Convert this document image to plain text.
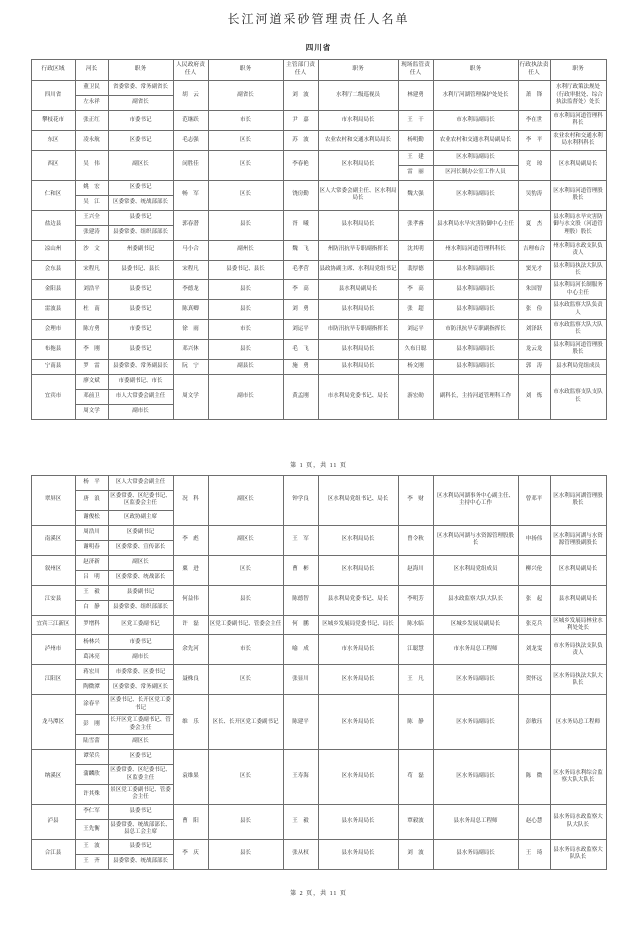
长江河道采砂管理责任人名单
四川省
行政区域	河长	职务	人民政府责任人	职务	主管部门责任人	职务	现场监管责任人	职务	行政执法责任人	职务
四川省	董卫民	省委常委、常务副省长	胡　云	副省长	刘　波	水利厅二级巡视员	林建勇	水利厅河湖管理保护处处长	萧　锋	水利厅政策法规处（行政审批处、综合执法监督处）处长
	左永祥	副省长								
攀枝花市	张正红	市委书记	范继跃	市长	尹　嘉	市水利局局长	王　干	市水利局副局长	李在世	市水利局河道管理科科长
东区	凌永航	区委书记	毛志强	区长	苏　波	农业农村和交通水利局局长	杨明勤	农业农村和交通水利局副局长	李　平	农业农村和交通水利局水利科科长
西区	吴　伟	副区长	闵胜佳	区长	李春艳	区水利局局长	王　建	区水利局副局长	竞　琼	区水利局副局长
							雷　丽	区河长制办公室工作人员		
仁和区	姚　宏	区委书记	畅　军	区长	饶房勤	区人大常委会副主任、区水利局局长	魏大强	区水利局副局长	吴豹涛	区水利局河道管理股股长
	吴　江	区委常委、统战部部长								
盐边县	王兴全	县委书记	郭春潜	县长	胥　曦	县水利局局长	张孝睿	县水利局水旱灾害防御中心主任	夏　杰	县水利局水旱灾害防御与水文股（河道管理股）股长
	张建涛	县委常委、组织部部长								
凉山州	沙　文	州委副书记	马小合	副州长	魏　飞	州防汛抗旱专职副指挥长	沈其明	州水利局河道管理科科长	吉理布合	州水利局水政支队负责人
会东县	宋程凡	县委书记、县长	宋程凡	县委书记、县长	毛孝营	县政协副主席、水利局党组书记	裴厚德	县水利局副局长	窦光才	县水利局执法大队队长
金阳县	刘浩平	县委书记	李德龙	县长	李　高	县水利局副局长	李　高	县水利局副局长	朱国智	县水利局河长制服务中心主任
雷波县	杜　南	县委书记	陈真卿	县长	刘　勇	县水利局局长	张　超	县水利局副局长	张　俭	县水政监察大队负责人
会理市	陈方勇	市委书记	徐　雨	市长	刘运平	市防汛抗旱专职副指挥长	刘运平	市防汛抗旱专职副指挥长	刘泽跃	市水政监察大队大队长
布拖县	李　刚	县委书记	邓兴休	县长	毛　飞	县水利局局长	久布日聪	县水利局副局长	龙云龙	县水利局河道管理股股长
宁南县	罗　雷	县委常委、常务副县长	阮　宁	副县长	施　勇	县水利局局长	杨文刚	县水利局副局长	郭　涛	县水利局党组成员
宜宾市	廖文斌	市委副书记、市长	周文学	副市长	黄孟刚	市水利局党委书记、局长	游宏勋	副科长，主持河道管理科工作	刘　炼	市水政监察支队支队长
	邓前卫	市人大常委会副主任								
	周文学	副市长								
第 1 页，共 11 页
翠屏区	杨　平	区人大常委会副主任	况　科	副区长	钟学良	区水利局党组书记、局长	李　财	区水利局河湖事务中心副主任、主持中心工作	曾邓平	区水利局河湖管理股股长
	唐　浪	区委常委、区纪委书记、区监委会主任								
	谢俊松	区政协副主席								
南溪区	周浩川	区委副书记	李　彪	副区长	王　军	区水利局局长	曾令秋	区水利局河湖与水资源管理股股长	申扬伟	区水利局河湖与水资源管理股副股长
	谢明春	区委常委、宣传部长								
叙州区	赵济新	副区长	粟　进	区长	曹　彬	区水利局局长	赵海川	区水利局党组成员	柳兴伦	区水利局副局长
	吕　明	区委常委、统战部长								
江安县	王　毅	县委副书记	何益伟	县长	陈德智	县水利局党委书记、局长	李明芳	县水政监察大队大队长	张　起	县水利局副局长
	白　静	县委常委、组织部部长								
宜宾三江新区	罗增科	区党工委副书记	许　磊	区党工委副书记、管委会主任	何　鹏	区城乡发展局党委书记、局长	陈水临	区城乡发展局副局长	张克兵	区城乡发展局林业水利处处长
泸州市	杨林兴	市委书记	余先河	市长	喻　成	市水务局局长	江聪慧	市水务局总工程师	刘龙雯	市水务局执法支队负责人
	葛沐亮	副市长								
江阳区	蒋宏川	市委常委、区委书记	聂株良	区长	张显川	区水务局局长	王　凡	区水务局副局长	贺怀远	区水务局执法大队大队长
	陶微潭	区委常委、常务副区长								
龙马潭区	涂春平	区委书记、长开区党工委书记	维　乐	区长、长开区党工委副书记	陈建平	区水务局局长	陈　静	区水务局副局长	彭敏珏	区水务局总工程师
	彭　刚	长开区党工委副书记、管委会主任								
	陆雪蕾	副区长								
纳溪区	谭荣兵	区委书记	袁维果	区长	王寿海	区水务局局长	苟　磊	区水务局副局长	陈　微	区水务局水利综合监察大队大队长
	蒲麟欣	区委常委、区纪委书记、区监委主任								
	许其殊	景区党工委副书记、管委会主任								
泸县	李仁军	县委书记	曹　阳	县长	王　毅	县水务局局长	覃毅波	县水务局总工程师	赵心慧	县水务局水政监察大队大队长
	王先衡	县委常委、统战部部长、县总工会主席								
合江县	王　波	县委书记	李　庆	县长	张从权	县水务局局长	刘　波	县水务局副局长	王　琦	县水务局水政监察大队队长
	王　齐	县委常委、统战部部长								
第 2 页，共 11 页
